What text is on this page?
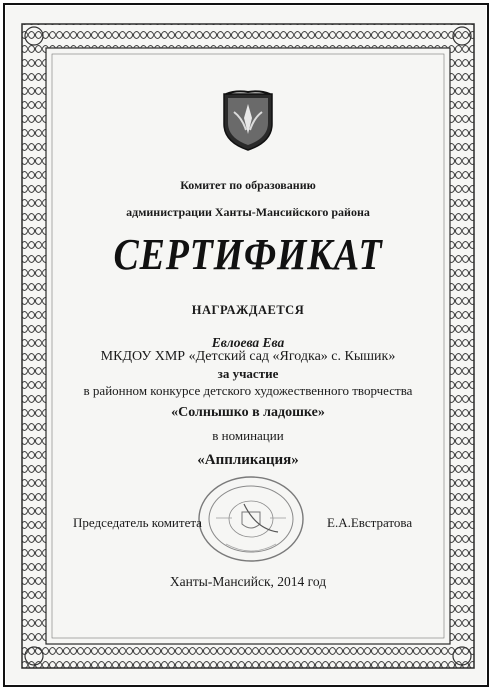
Комитет по образованию
администрации Ханты-Мансийского района
СЕРТИФИКАТ
НАГРАЖДАЕТСЯ
Евлоева Ева
МКДОУ ХМР «Детский сад «Ягодка» с. Кышик»
за участие
в районном конкурсе детского художественного творчества
«Солнышко в ладошке»
в номинации
«Аппликация»
Председатель комитета	Е.А.Евстратова
Ханты-Мансийск, 2014 год
